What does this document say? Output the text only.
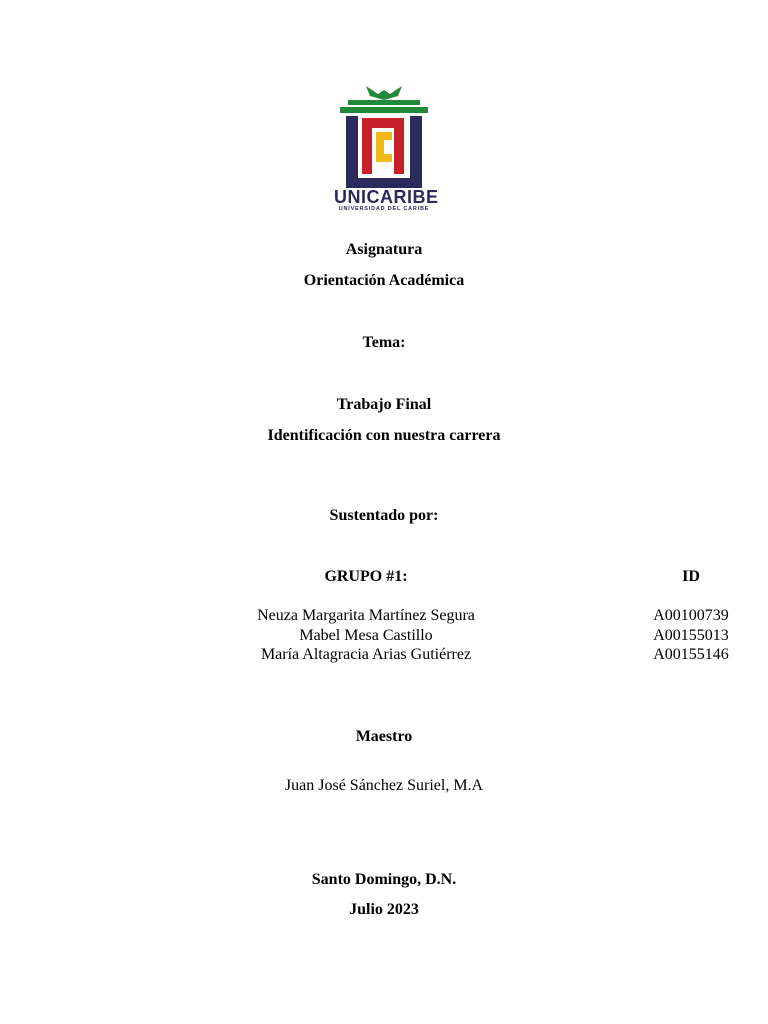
UNICARIBE
UNIVERSIDAD DEL CARIBE
Asignatura
Orientación Académica
Tema:
Trabajo Final
Identificación con nuestra carrera
Sustentado por:
GRUPO #1:	ID
Neuza Margarita Martínez Segura
Mabel Mesa Castillo
María Altagracia Arias Gutiérrez
A00100739
A00155013
A00155146
Maestro
Juan José Sánchez Suriel, M.A
Santo Domingo, D.N.
Julio 2023
